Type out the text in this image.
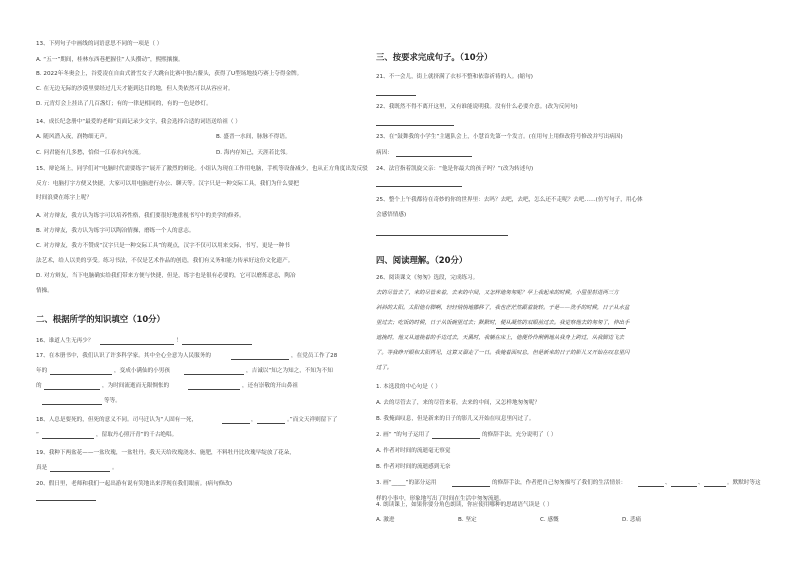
13、下列句子中画线的词语意思不同的一项是（ ）
A. “五一”期间，桂林东西巷把握住“人头攒动”，熙熙攘攘。
B. 2022年冬奥会上，谷爱凌在自由式滑雪女子大跳台比赛中独占鳌头，获得了U型场地技巧赛上夺得金牌。
C. 在无边无际的沙漠里要经过几天才能到达目的地，但人类依然可以从容应对。
D. 元宵灯会上挂出了几百盏灯；有的一律是相同的，有的一色是纱灯。
14、成长纪念册中“最爱的老师”页面记录少文字，我会选择合适的词语送给祖（ ）
A. 随风潜入夜，润物细无声。	B. 盛晋一水间，脉脉不得语。
C. 问君能有几多愁，恰似一江春水向东流。	D. 海内存知己，天涯若比邻。
15、辩论场上，同学们对“电脑时代需要练字”展开了激烈的辩论。小组认为现在工作用电脑，手机等设备减少，也从正方角度出发反驳
反方：电脑打字方便又快捷，大家可以用电脑进行办公、聊天等。汉字只是一种交际工具，我们为什么要把
时间浪费在练字上呢？
A. 对方辩友，我方认为练字可以培养性格，我们要很好地重视书写中的美学的修养。
B. 对方辩友，我方认为练字可以陶冶情操，磨练一个人的意志。
C. 对方辩友，我方不赞成“汉字只是一种交际工具”的观点，汉字不仅可以用来交际，书写，更是一种书
法艺术，给人以美的享受。练习书法，不仅是艺术作品的创造，我们有义务和能力传承好这份文化遗产。
D. 对方辩友，当下电脑确实给我们带来方便与快捷，但是，练字也是很有必要的，它可以磨炼意志，陶冶
情操。
二、根据所学的知识填空（10分）
16、谁道人生无再少？	！
17、在本册书中，我们认识了许多科学家。其中全心全意为人民服务的	，在党员工作了28
年的	，变成小满仙的小男孩	，吉诚以“知之为知之，不知为不知
的	，为时间流逝而无限惆怅的	，还有崇敬的开山鼻祖
等等。
18、人总是要死的，但死的意义不同。司马迁认为“人固有一死，	，	。”而文天祥则留下了
“	，留取丹心照汗青”的千古绝唱。
19、我种下两盆花——一盆玫瑰，一盆牡丹。我天天给玫瑰浇水、施肥，不料牡丹比玫瑰早绽放了花朵，
真是	。
20、假日里，老师和我们一起出游有说有笑地出来浮现在我们眼前。(病句修改)
三、按要求完成句子。（10分）
21、不一会儿，街上就挤满了衣衫不整和依靠祈祷的人。(缩句)
22、我既然不得不离开这里，又有谁能说明我。没有什么必要介意。(改为反问句)
23、在“鼓舞我的小学生”主题队会上，小慧首先第一个发言。(在用句上用修改符号修改并写出病因)
病因：
24、法官指着凯旋父亲：“他是你最大的孩子吗？”(改为转述句)
25、整个上午我都待在奇妙的你的世界里：去吗？去吧，去吧，怎么还不走呢？去吧……(仿写句子，用心体
会感悟情感)
四、阅读理解。（20分）
26、阅读课文《匆匆》选段，完成练习。
去的尽管去了，来的尽管来着，去来的中间，又怎样地匆匆呢？早上我起来的时候，小屋里射进两三方
斜斜的太阳。太阳他有脚啊，轻轻悄悄地挪移了，我也茫茫然跟着旋转。于是——洗手的时候，日子从水盆
里过去；吃饭的时候，日子从饭碗里过去；默默时，便从凝然的双眼前过去。我觉察他去的匆匆了，伸出手
遮挽时，他又从遮挽着的手边过去，天黑时，我躺在床上，他便伶伶俐俐地从我身上跨过，从我脚边飞去
了。等我睁开眼和太阳再见，这算又溜走了一日。我掩着面叹息，但是新来的日子的影儿又开始在叹息里闪
过了。
1. 本选段的中心句是（ ）
A. 去的尽管去了，来的尽管来着，去来的中间，又怎样地匆匆呢？
B. 我掩面叹息，但是新来的日子的影儿又开始在叹息里闪过了。
2. 画“ ”的句子运用了	的修辞手法，充分说明了（ ）
A. 作者对时间的流逝毫无察觉
B. 作者对时间的流逝感到无奈
3. 画“_____”的部分运用	的修辞手法，作者把自己匆匆描写了我们的生活情景：	、	、	。默默时等这
样的小事中，形象地写出了时间在生活中匆匆流逝。
4. 朗读课上，如果你要分角色朗读，你应使用哪种的思绪语气读是（ ）
A. 激进	B. 坚定	C. 感慨	D. 悲痛
